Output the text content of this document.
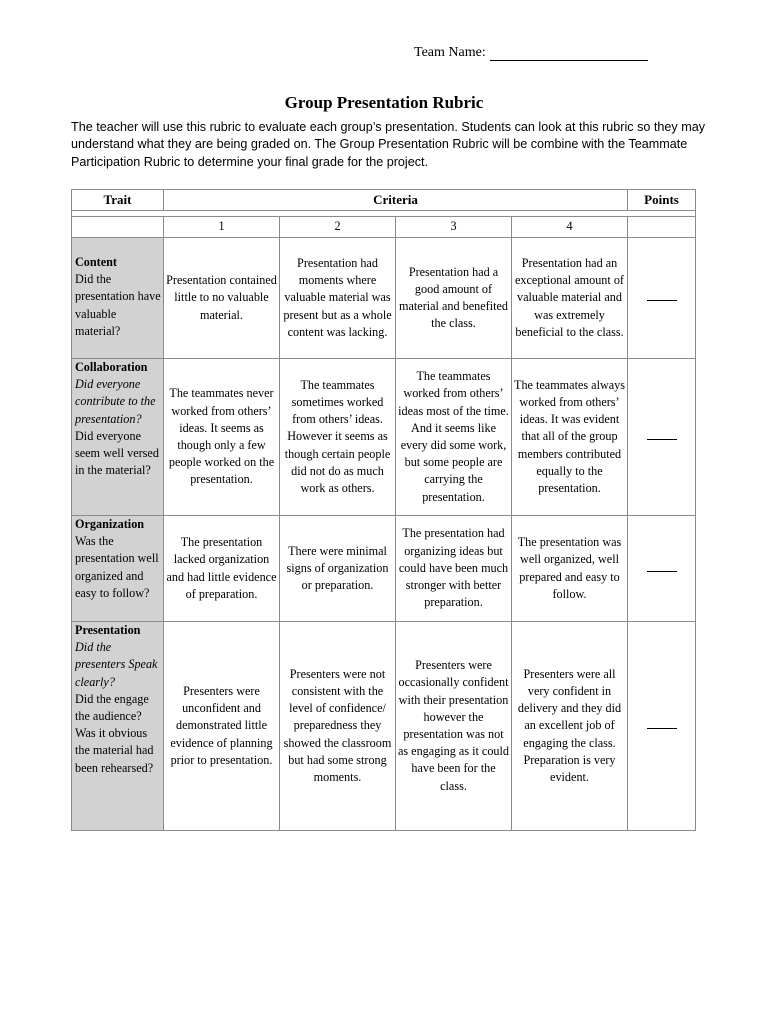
Team Name:
Group Presentation Rubric
The teacher will use this rubric to evaluate each group’s presentation. Students can look at this rubric so they may understand what they are being graded on. The Group Presentation Rubric will be combine with the Teammate Participation Rubric to determine your final grade for the project.
Trait	Criteria				Points

	1	2	3	4	

Content
Did the presentation have valuable material?	Presentation contained little to no valuable material.	Presentation had moments where valuable material was present but as a whole content was lacking.	Presentation had a good amount of material and benefited the class.	Presentation had an exceptional amount of valuable material and was extremely beneficial to the class.	

Collaboration
Did everyone contribute to the presentation?
Did everyone seem well versed in the material?	The teammates never worked from others’ ideas. It seems as though only a few people worked on the presentation.	The teammates sometimes worked from others’ ideas. However it seems as though certain people did not do as much work as others.	The teammates worked from others’ ideas most of the time. And it seems like every did some work, but some people are carrying the presentation.	The teammates always worked from others’ ideas. It was evident that all of the group members contributed equally to the presentation.	

Organization
Was the presentation well organized and easy to follow?	The presentation lacked organization and had little evidence of preparation.	There were minimal signs of organization or preparation.	The presentation had organizing ideas but could have been much stronger with better preparation.	The presentation was well organized, well prepared and easy to follow.	

Presentation
Did the presenters Speak clearly?
Did the engage the audience? Was it obvious the material had been rehearsed?	Presenters were unconfident and demonstrated little evidence of planning prior to presentation.	Presenters were not consistent with the level of confidence/ preparedness they showed the classroom but had some strong moments.	Presenters were occasionally confident with their presentation however the presentation was not as engaging as it could have been for the class.	Presenters were all very confident in delivery and they did an excellent job of engaging the class. Preparation is very evident.	
